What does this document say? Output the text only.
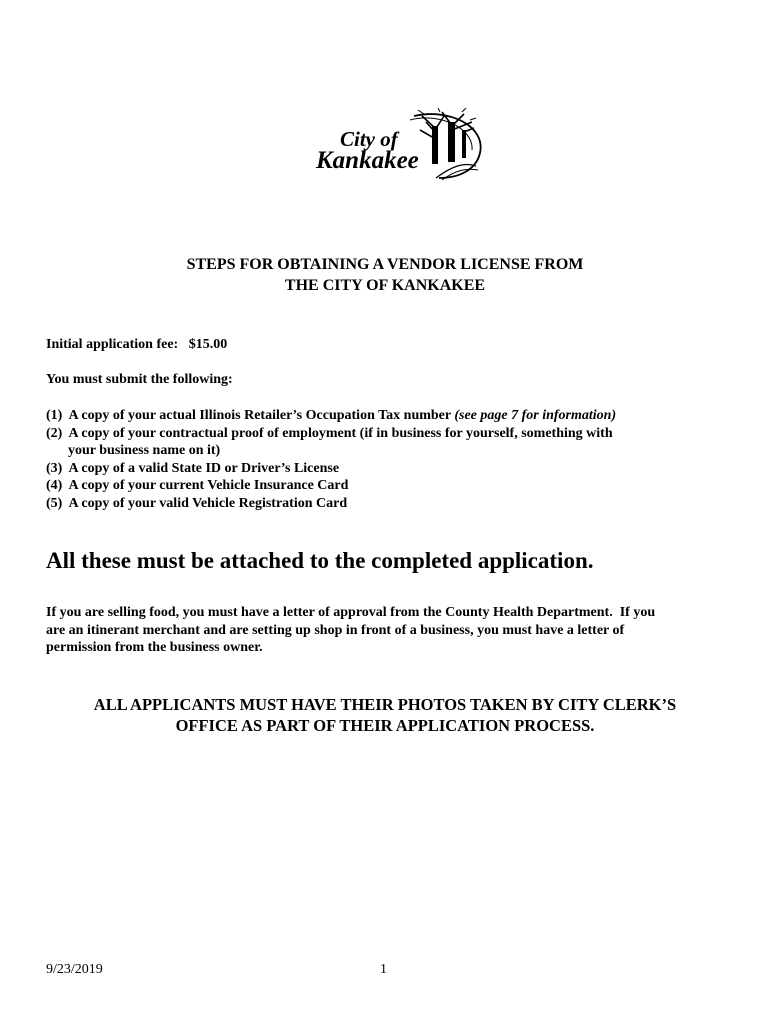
City of
Kankakee
STEPS FOR OBTAINING A VENDOR LICENSE FROM
THE CITY OF KANKAKEE
Initial application fee: $15.00
You must submit the following:
(1)  A copy of your actual Illinois Retailer’s Occupation Tax number (see page 7 for information)
(2)  A copy of your contractual proof of employment (if in business for yourself, something with
your business name on it)
(3)  A copy of a valid State ID or Driver’s License
(4)  A copy of your current Vehicle Insurance Card
(5)  A copy of your valid Vehicle Registration Card
All these must be attached to the completed application.
If you are selling food, you must have a letter of approval from the County Health Department.  If you
are an itinerant merchant and are setting up shop in front of a business, you must have a letter of
permission from the business owner.
ALL APPLICANTS MUST HAVE THEIR PHOTOS TAKEN BY CITY CLERK’S
OFFICE AS PART OF THEIR APPLICATION PROCESS.
9/23/2019	1
